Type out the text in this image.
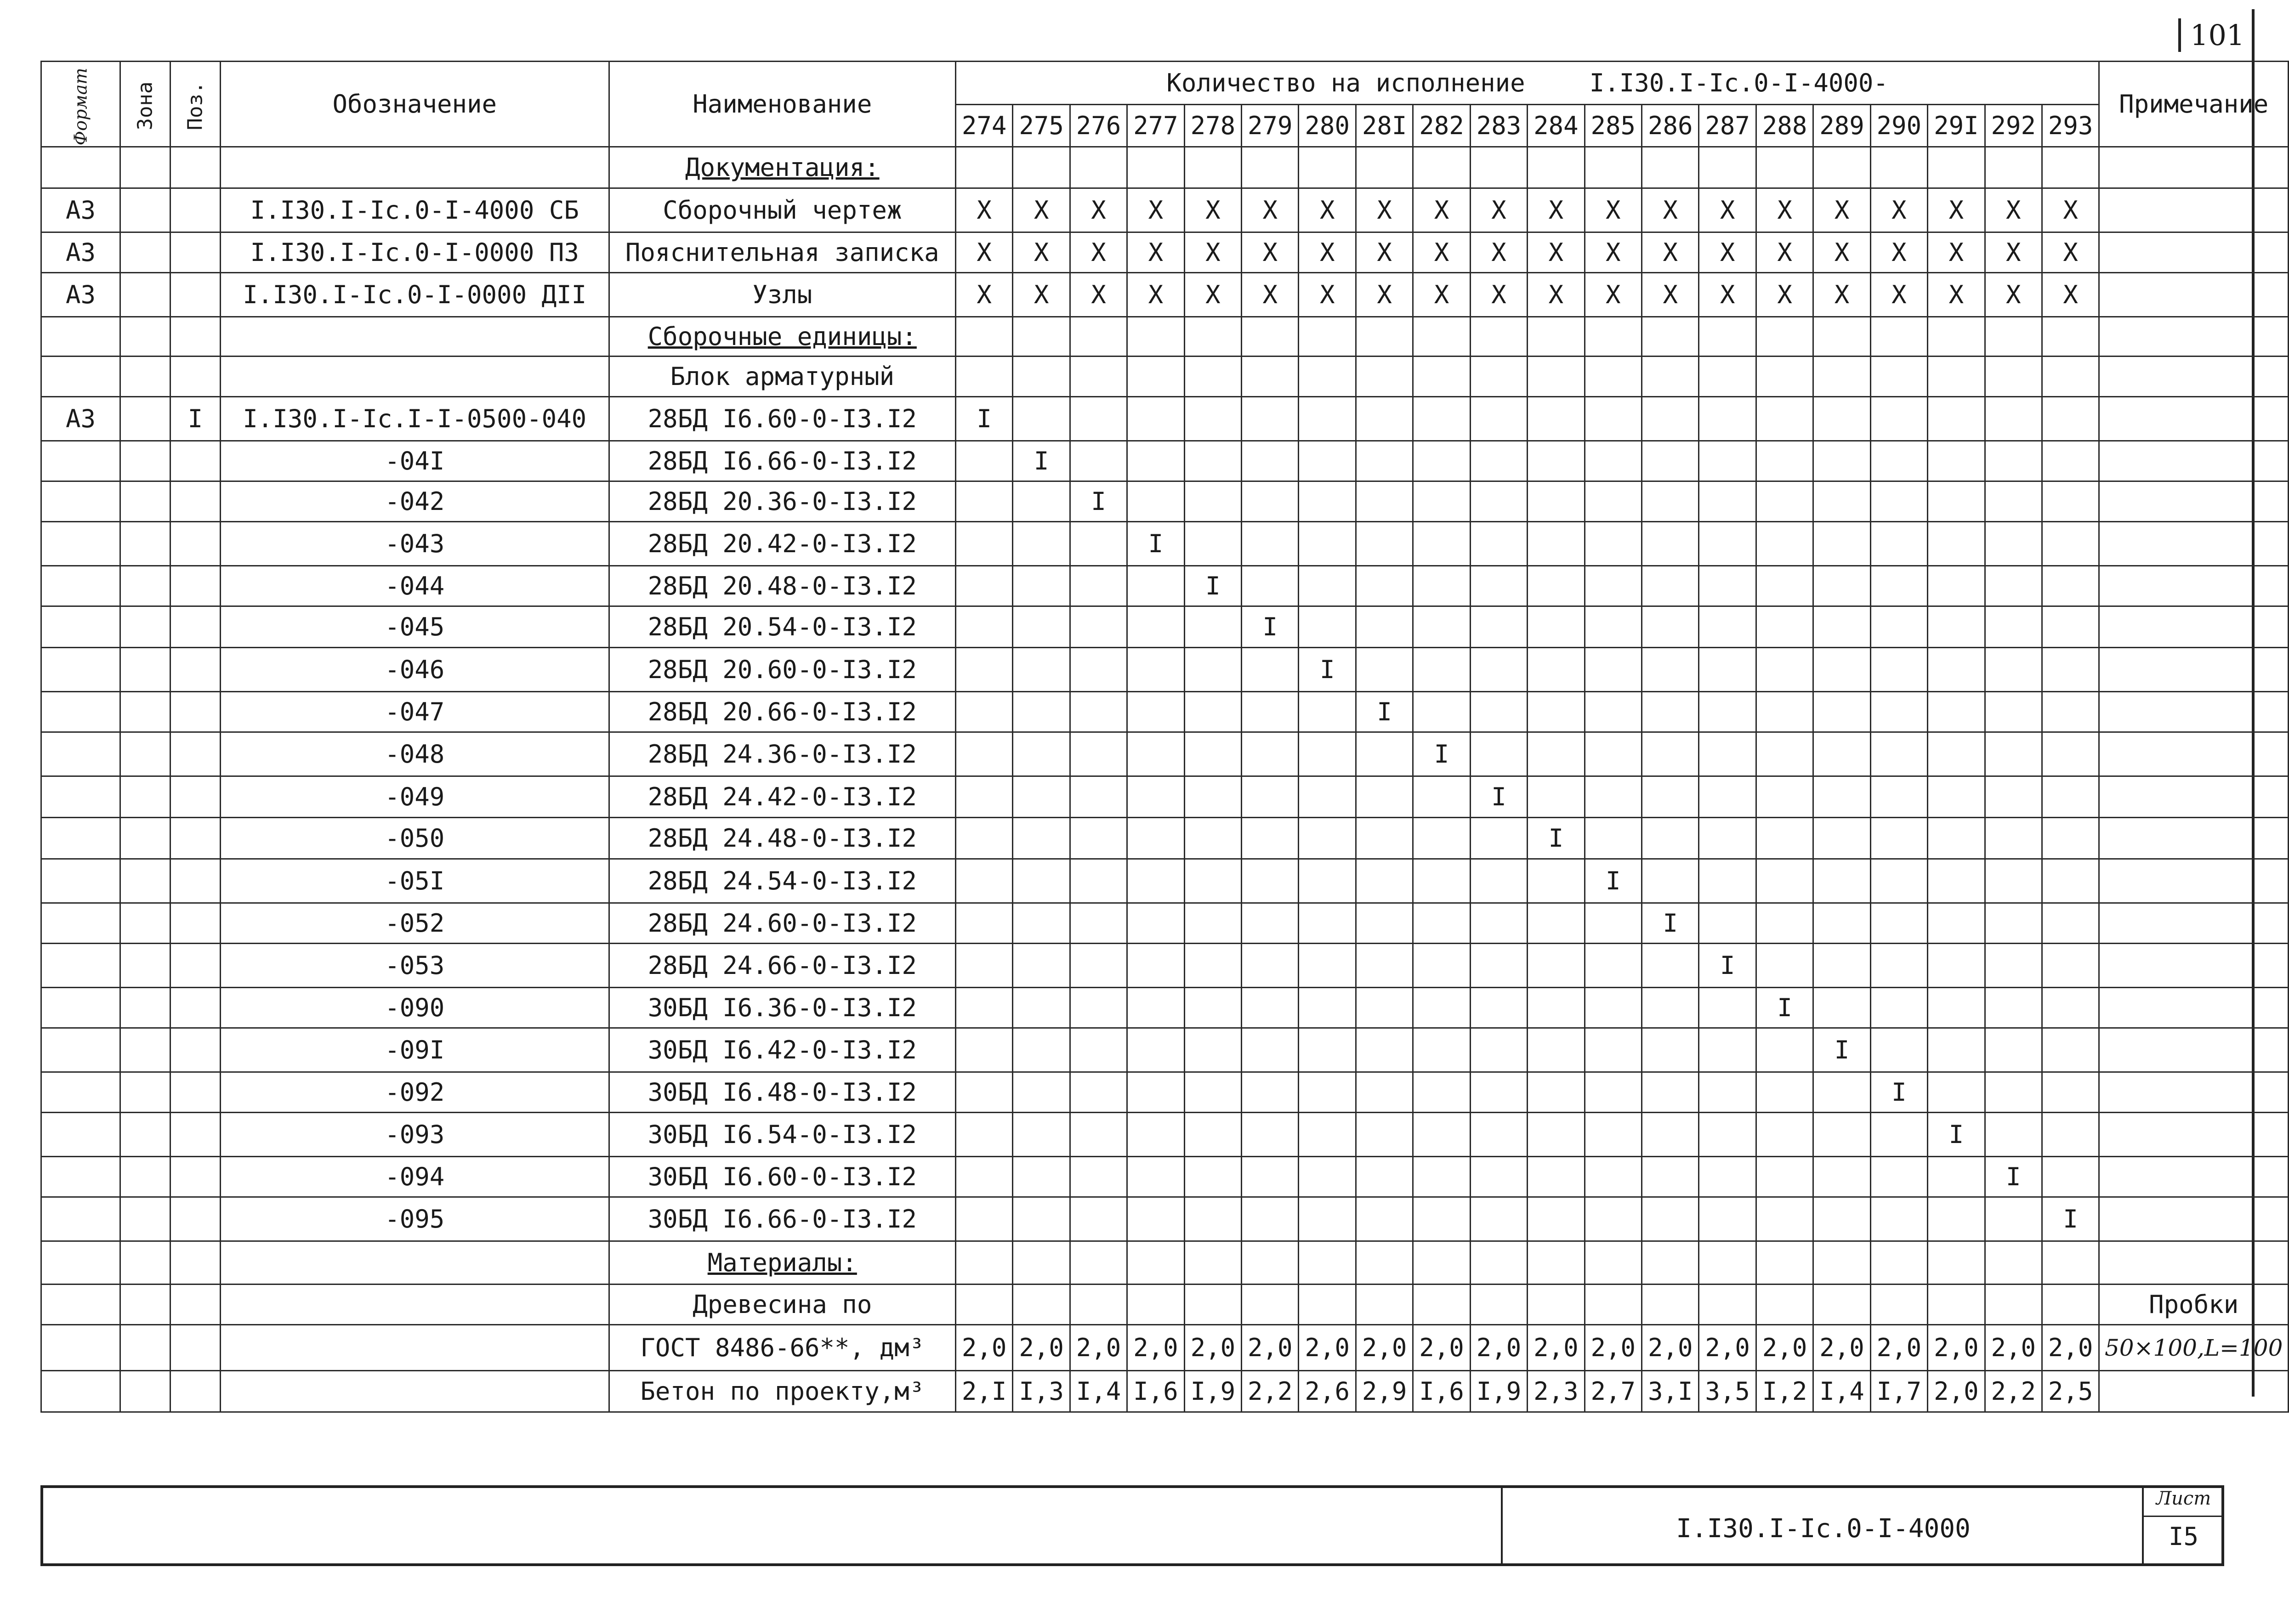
101
Формат	Зона	Поз.	Обозначение	Наименование	Количество на исполнение I.I30.I-Ic.0-I-4000-																				Примечание
					274	275	276	277	278	279	280	28I	282	283	284	285	286	287	288	289	290	29I	292	293	
				Документация:																					
А3			I.I30.I-Ic.0-I-4000 СБ	Сборочный чертеж	Х	Х	Х	Х	Х	Х	Х	Х	Х	Х	Х	Х	Х	Х	Х	Х	Х	Х	Х	Х	
А3			I.I30.I-Ic.0-I-0000 ПЗ	Пояснительная записка	Х	Х	Х	Х	Х	Х	Х	Х	Х	Х	Х	Х	Х	Х	Х	Х	Х	Х	Х	Х	
А3			I.I30.I-Ic.0-I-0000 ДII	Узлы	Х	Х	Х	Х	Х	Х	Х	Х	Х	Х	Х	Х	Х	Х	Х	Х	Х	Х	Х	Х	
				Сборочные единицы:																					
				Блок арматурный																					
А3		I	I.I30.I-Ic.I-I-0500-040	28БД I6.60-0-I3.I2	I																				
			-04I	28БД I6.66-0-I3.I2		I																			
			-042	28БД 20.36-0-I3.I2			I																		
			-043	28БД 20.42-0-I3.I2				I																	
			-044	28БД 20.48-0-I3.I2					I																
			-045	28БД 20.54-0-I3.I2						I															
			-046	28БД 20.60-0-I3.I2							I														
			-047	28БД 20.66-0-I3.I2								I													
			-048	28БД 24.36-0-I3.I2									I												
			-049	28БД 24.42-0-I3.I2										I											
			-050	28БД 24.48-0-I3.I2											I										
			-05I	28БД 24.54-0-I3.I2												I									
			-052	28БД 24.60-0-I3.I2													I								
			-053	28БД 24.66-0-I3.I2														I							
			-090	30БД I6.36-0-I3.I2															I						
			-09I	30БД I6.42-0-I3.I2																I					
			-092	30БД I6.48-0-I3.I2																	I				
			-093	30БД I6.54-0-I3.I2																		I			
			-094	30БД I6.60-0-I3.I2																			I		
			-095	30БД I6.66-0-I3.I2																				I	
				Материалы:																					
				Древесина по																					Пробки
				ГОСТ 8486-66**, дм³	2,0	2,0	2,0	2,0	2,0	2,0	2,0	2,0	2,0	2,0	2,0	2,0	2,0	2,0	2,0	2,0	2,0	2,0	2,0	2,0	50×100,L=100
				Бетон по проекту,м³	2,I	I,3	I,4	I,6	I,9	2,2	2,6	2,9	I,6	I,9	2,3	2,7	3,I	3,5	I,2	I,4	I,7	2,0	2,2	2,5	
I.I30.I-Ic.0-I-4000
Лист
I5
